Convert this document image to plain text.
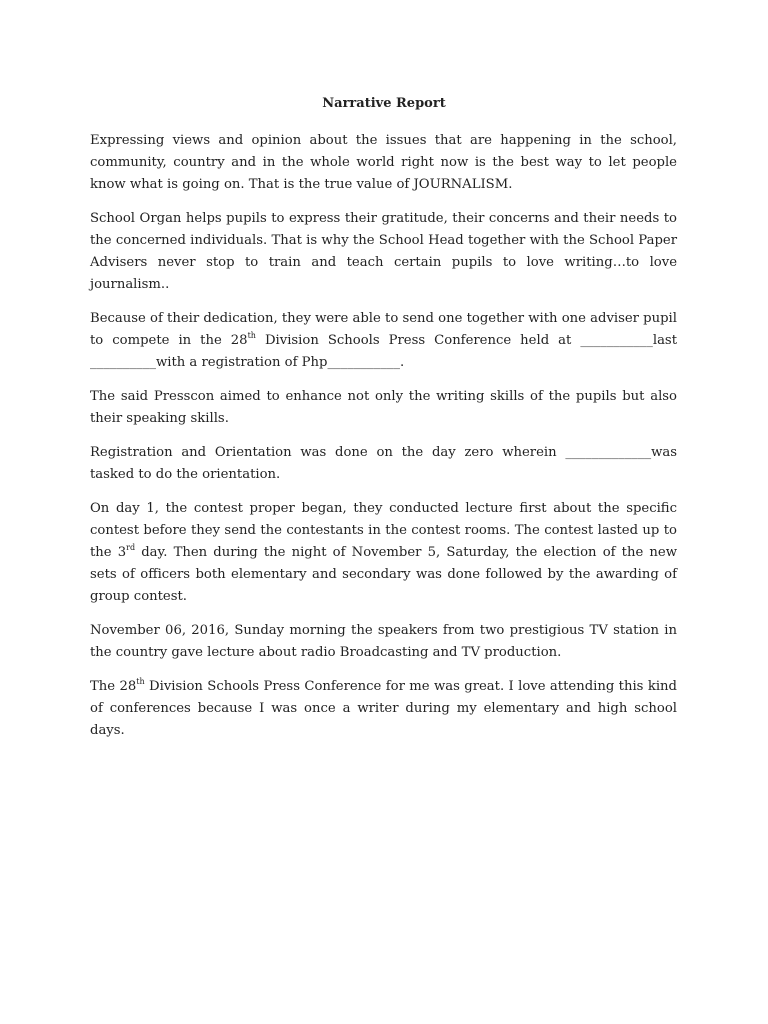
Narrative Report

Expressing views and opinion about the issues that are happening in the school, community, country and in the whole world right now is the best way to let people know what is going on. That is the true value of JOURNALISM.

School Organ helps pupils to express their gratitude, their concerns and their needs to the concerned individuals. That is why the School Head together with the School Paper Advisers never stop to train and teach certain pupils to love writing…to love journalism..

Because of their dedication, they were able to send one together with one adviser pupil to compete in the 28th Division Schools Press Conference held at ___________last __________with a registration of Php___________.

The said Presscon aimed to enhance not only the writing skills of the pupils but also their speaking skills.

Registration and Orientation was done on the day zero wherein _____________was tasked to do the orientation.

On day 1, the contest proper began, they conducted lecture first about the specific contest before they send the contestants in the contest rooms. The contest lasted up to the 3rd day. Then during the night of November 5, Saturday, the election of the new sets of officers both elementary and secondary was done followed by the awarding of group contest.

November 06, 2016, Sunday morning the speakers from two prestigious TV station in the country gave lecture about radio Broadcasting and TV production.

The 28th Division Schools Press Conference for me was great. I love attending this kind of conferences because I was once a writer during my elementary and high school days.
